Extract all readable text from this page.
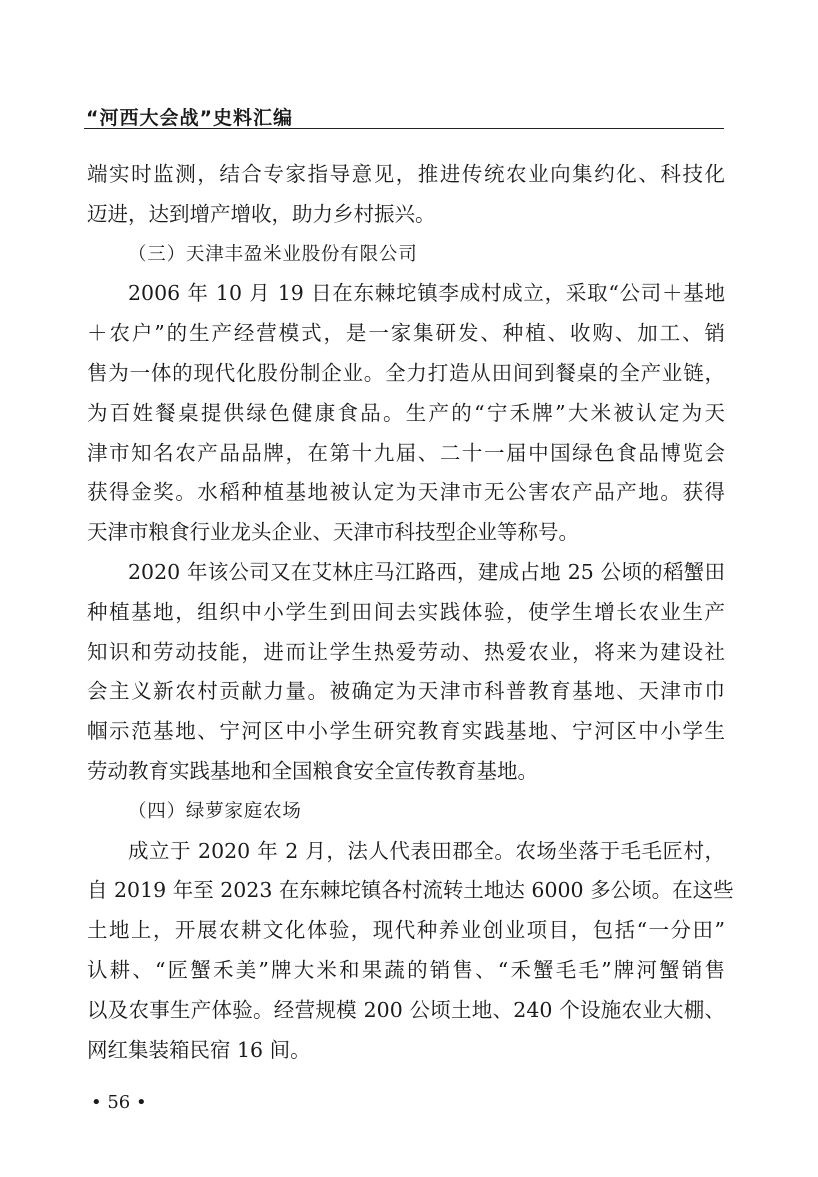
“河西大会战”史料汇编
端实时监测，结合专家指导意见，推进传统农业向集约化、科技化
迈进，达到增产增收，助力乡村振兴。
（三）天津丰盈米业股份有限公司
2006 年 10 月 19 日在东棘坨镇李成村成立，采取“公司＋基地
＋农户”的生产经营模式，是一家集研发、种植、收购、加工、销
售为一体的现代化股份制企业。全力打造从田间到餐桌的全产业链，
为百姓餐桌提供绿色健康食品。生产的“宁禾牌”大米被认定为天
津市知名农产品品牌，在第十九届、二十一届中国绿色食品博览会
获得金奖。水稻种植基地被认定为天津市无公害农产品产地。获得
天津市粮食行业龙头企业、天津市科技型企业等称号。
2020 年该公司又在艾林庄马江路西，建成占地 25 公顷的稻蟹田
种植基地，组织中小学生到田间去实践体验，使学生增长农业生产
知识和劳动技能，进而让学生热爱劳动、热爱农业，将来为建设社
会主义新农村贡献力量。被确定为天津市科普教育基地、天津市巾
帼示范基地、宁河区中小学生研究教育实践基地、宁河区中小学生
劳动教育实践基地和全国粮食安全宣传教育基地。
（四）绿萝家庭农场
成立于 2020 年 2 月，法人代表田郡全。农场坐落于毛毛匠村，
自 2019 年至 2023 在东棘坨镇各村流转土地达 6000 多公顷。在这些
土地上，开展农耕文化体验，现代种养业创业项目，包括“一分田”
认耕、“匠蟹禾美”牌大米和果蔬的销售、“禾蟹毛毛”牌河蟹销售
以及农事生产体验。经营规模 200 公顷土地、240 个设施农业大棚、
网红集装箱民宿 16 间。
• 56 •
